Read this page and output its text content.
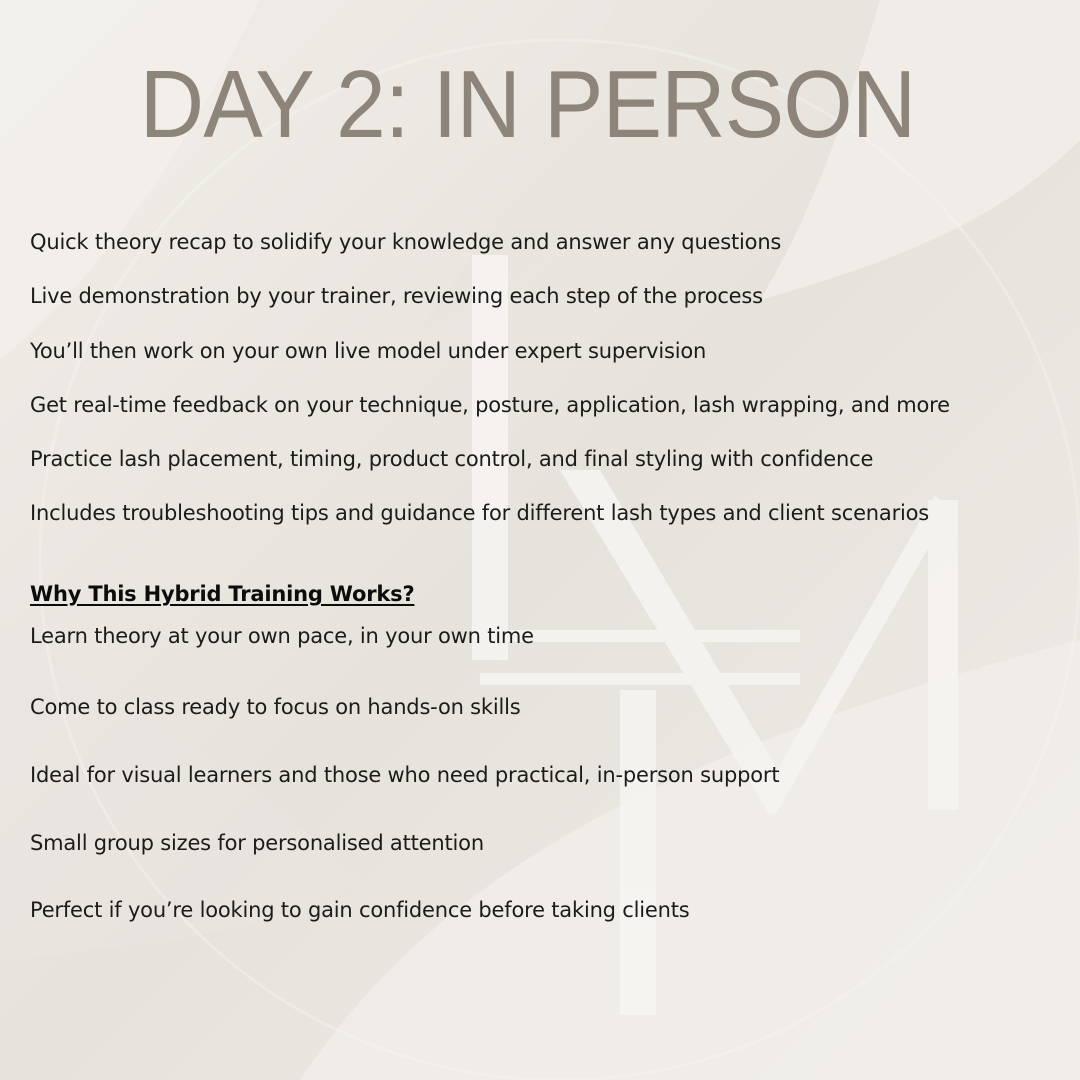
DAY 2: IN PERSON
Quick theory recap to solidify your knowledge and answer any questions
Live demonstration by your trainer, reviewing each step of the process
You’ll then work on your own live model under expert supervision
Get real-time feedback on your technique, posture, application, lash wrapping, and more
Practice lash placement, timing, product control, and final styling with confidence
Includes troubleshooting tips and guidance for different lash types and client scenarios
Why This Hybrid Training Works?
Learn theory at your own pace, in your own time
Come to class ready to focus on hands-on skills
Ideal for visual learners and those who need practical, in-person support
Small group sizes for personalised attention
Perfect if you’re looking to gain confidence before taking clients
